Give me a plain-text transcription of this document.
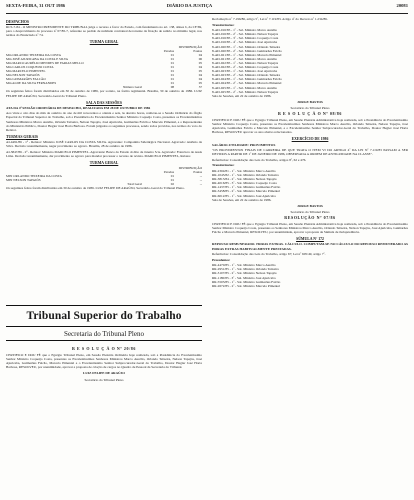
SEXTA-FEIRA, 31 OUT 1986	DIÁRIO DA JUSTIÇA	20081
DESPACHOS
RCS-7-84 - O MINISTRO PRESIDENTE DO TRIBUNAL julga o recurso a favor do Estado, com fundamento no art. 138, alínea b, da CF/69, para o desprovimento do processo nº 07/85-7, referente ao pedido de nulidade contratual decorrente da fixação de salário no mínimo legal, nos termos do Enunciado nº 74.
TURMA GERAL
	DISTRIBUIÇÃO	
	Paradas	Pautas
Min ORLANDO TEIXEIRA DA COSTA	01	04
Min JOSÉ AJURICABA DA COSTA E SILVA	01	06
Min MARCO AURÉLIO MENDES DE FARIAS MELLO	01	05
Min CARLOS COQUEIJO COSTA	01	04
Min MARCELO PIMENTEL	01	05
Min NELSON TAPAJÓS	01	04
Min GUIMARÃES FALCÃO	01	04
Min ALDE DA SILVA FERNANDES	01	05
Número Geral	08	37
Os seguintes feitos foram distribuídos em 30 de outubro de 1986, por sorteio, na forma regimental. Brasília, 30 de outubro de 1986. LUIZ FELIPE DE ARAÚJO, Secretário-Geral do Tribunal Pleno.
SALA DAS SESSÕES
ATA DA 4ª SESSÃO ORDINÁRIA DE DESPACHO, REALIZADA EM 28 DE OUTUBRO DE 1986
Aos vinte e oito dias do mês de outubro do ano de mil novecentos e oitenta e seis, às dezoito horas, realizou-se a Sessão Ordinária do Órgão Especial do Tribunal Superior do Trabalho, sob a Presidência do Excelentíssimo Senhor Ministro Coqueijo Costa, presentes os Excelentíssimos Senhores Ministros Marco Aurélio, Orlando Teixeira, Nelson Tapajós, José Ajuricaba, Guimarães Falcão e Marcelo Pimentel, e o Representante do Ministério Público, Doutor Hegler José Horta Barbosa. Foram julgados os seguintes processos, sendo todos providos, nos termos do voto do Relator.
TURMAS GERAIS
AI-4491/86 - 1ª - Relator: Ministro JOSÉ CARLOS DA COSTA SILVA. Agravante: Companhia Siderúrgica Nacional. Agravado: Antônio da Silva. Decisão: unanimemente, negar provimento ao agravo. Brasília, 28 de outubro de 1986.
AI-3847/86 - 2ª - Relator: Ministro MARCELO PIMENTEL. Agravante: Banco do Estado do Rio de Janeiro S/A. Agravado: Francisco de Assis Lima. Decisão: unanimemente, dar provimento ao agravo para mandar processar o recurso de revista. MARCELO PIMENTEL, Relator.
TURMA GERAL
	DISTRIBUIÇÃO	
	Paradas	Pautas
MIN ORLANDO TEIXEIRA DA COSTA	01	--
MIN NELSON TAPAJÓS	01	--
Total Geral	02	--
Os seguintes feitos foram distribuídos em 30 de outubro de 1986. LUIZ FELIPE DE ARAÚJO, Secretário-Geral do Tribunal Pleno.
Tribunal Superior do Trabalho
Secretaria do Tribunal Pleno
R E S O L U Ç Ã O Nº 20/86
CERTIFICO E DOU FÉ que o Egrégio Tribunal Pleno, em Sessão Plenária Ordinária hoje realizada, sob a Presidência do Excelentíssimo Senhor Ministro Coqueijo Costa, presentes os Excelentíssimos Senhores Ministros Marco Aurélio, Orlando Teixeira, Nelson Tapajós, José Ajuricaba, Guimarães Falcão, Marcelo Pimentel e o Excelentíssimo Senhor Subprocurador-Geral do Trabalho, Doutor Hegler José Horta Barbosa, RESOLVEU, por unanimidade, aprovar a proposta de criação de cargos no Quadro de Pessoal da Secretaria do Tribunal.
LUIZ FELIPE DE ARAÚJO
Secretário do Tribunal Pleno
Reclamação nº 7.196/86, artigo 5º, Lei nº 7.119/83. Artigo 4º do Decreto nº 1.234/86.
Transferências:
8-AD-016/85 - 1º - Sal. Ministro Marco Aurélio
8-AD-016/85 - 2º - Sal. Ministro Nelson Tapajós
8-AD-016/85 - 3º - Sal. Ministro Coqueijo Costa
8-AD-016/85 - 4º - Sal. Ministro José Ajuricaba
8-AD-020/85 - 1º - Sal. Ministro Orlando Teixeira
8-AD-020/85 - 2º - Sal. Ministro Guimarães Falcão
8-AD-021/85 - 1º - Sal. Ministro Marcelo Pimentel
8-AD-021/85 - 2º - Sal. Ministro Marco Aurélio
8-AD-022/85 - 1º - Sal. Ministro Nelson Tapajós
8-AD-022/85 - 2º - Sal. Ministro Coqueijo Costa
8-AD-023/85 - 1º - Sal. Ministro José Ajuricaba
8-AD-023/85 - 2º - Sal. Ministro Orlando Teixeira
8-AD-024/85 - 1º - Sal. Ministro Guimarães Falcão
8-AD-024/85 - 2º - Sal. Ministro Marcelo Pimentel
8-AD-025/85 - 1º - Sal. Ministro Marco Aurélio
8-AD-025/85 - 2º - Sal. Ministro Nelson Tapajós
Sala de Sessões, em 22 de outubro de 1986.
JORGE BASTOS
Secretário do Tribunal Pleno
R E S O L U Ç Ã O Nº 08/86
CERTIFICO E DOU FÉ que o Egrégio Tribunal Pleno, em Sessão Plenária Administrativa hoje realizada, sob a Presidência do Excelentíssimo Senhor Ministro Coqueijo Costa, presentes os Excelentíssimos Senhores Ministros Marco Aurélio, Orlando Teixeira, Nelson Tapajós, José Ajuricaba, Guimarães Falcão e Marcelo Pimentel, e o Excelentíssimo Senhor Subprocurador-Geral do Trabalho, Doutor Hegler José Horta Barbosa, RESOLVEU aprovar os atos abaixo relacionados.
EXERCÍCIO DE 1986
SALÁRIO-UTILIDADE: PROVIMENTOS
"OS PROVIMENTOS FINAIS DE CARREIRA DE QUE TRATA O ITEM VI DO ARTIGO 4º DA LEI Nº 7.119/83 PASSAM A SER DEVIDOS A PARTIR DE 1º DE JANEIRO DE 1986, OBSERVADA A ORDEM DE ANTIGUIDADE NA CLASSE".
Referências: Consolidação das Leis do Trabalho, artigos 8º, 62 e 476.
Transferências:
RR-2304/81 - 1º - Sal. Ministro Marco Aurélio
RR-1045/82 - 1º - Sal. Ministro Orlando Teixeira
RR-3813/84 - 2º - Sal. Ministro Nelson Tapajós
RR-4016/85 - 3º - Sal. Ministro Coqueijo Costa
RR-1437/85 - 1º - Sal. Ministro Guimarães Falcão
RR-3458/85 - 2º - Sal. Ministro Marcelo Pimentel
RR-6012/85 - 1º - Sal. Ministro José Ajuricaba
Sala de Sessões, em 22 de outubro de 1986.
JORGE BASTOS
Secretário do Tribunal Pleno
RESOLUÇÃO Nº 07/86
CERTIFICO E DOU FÉ que o Egrégio Tribunal Pleno, em Sessão Plenária Administrativa hoje realizada, sob a Presidência do Excelentíssimo Senhor Ministro Coqueijo Costa, presentes os Senhores Ministros Marco Aurélio, Orlando Teixeira, Nelson Tapajós, José Ajuricaba, Guimarães Falcão e Marcelo Pimentel, RESOLVEU, por unanimidade, aprovar a proposta de Súmula de Jurisprudência.
SÚMULA Nº 172
REPOUSO REMUNERADO. HORAS EXTRAS. CÁLCULO. COMPUTAM-SE NO CÁLCULO DO REPOUSO REMUNERADO AS HORAS EXTRAS HABITUALMENTE PRESTADAS.
Referências: Consolidação das Leis do Trabalho, artigo 67; Lei nº 605/49, artigo 7º.
Precedentes:
RR-4470/85 - 1º - Sal. Ministro Marco Aurélio
RR-2951/85 - 1º - Sal. Ministro Orlando Teixeira
RR-3107/85 - 2º - Sal. Ministro Nelson Tapajós
RR-1180/85 - 3º - Sal. Ministro José Ajuricaba
RR-5503/85 - 1º - Sal. Ministro Guimarães Falcão
RR-2672/85 - 2º - Sal. Ministro Marcelo Pimentel
